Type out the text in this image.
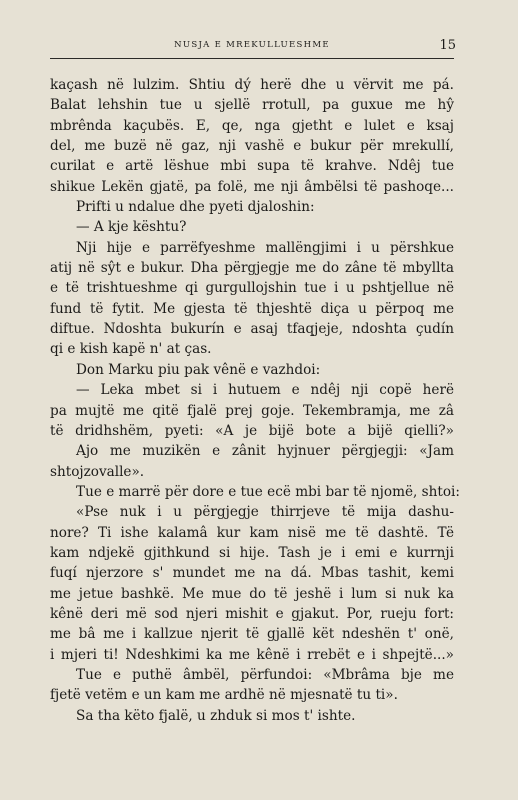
NUSJA E MREKULLUESHME	15
kaçash në lulzim. Shtiu dý herë dhe u vërvit me pá.
Balat lehshin tue u sjellë rrotull, pa guxue me hŷ
mbrênda kaçubës. E, qe, nga gjetht e lulet e ksaj
del, me buzë në gaz, nji vashë e bukur për mrekullí,
curilat e artë lëshue mbi supa të krahve. Ndêj tue
shikue Lekën gjatë, pa folë, me nji âmbëlsi të pashoqe...
Prifti u ndalue dhe pyeti djaloshin:
— A kje kështu?
Nji hije e parrëfyeshme mallëngjimi i u përshkue
atij në sŷt e bukur. Dha përgjegje me do zâne të mbyllta
e të trishtueshme qi gurgullojshin tue i u pshtjellue në
fund të fytit. Me gjesta të thjeshtë diça u përpoq me
diftue. Ndoshta bukurín e asaj tfaqjeje, ndoshta çudín
qi e kish kapë n' at ças.
Don Marku piu pak vênë e vazhdoi:
— Leka mbet si i hutuem e ndêj nji copë herë
pa mujtë me qitë fjalë prej goje. Tekembramja, me zâ
të dridhshëm, pyeti: «A je bijë bote a bijë qielli?»
Ajo me muzikën e zânit hyjnuer përgjegji: «Jam
shtojzovalle».
Tue e marrë për dore e tue ecë mbi bar të njomë, shtoi:
«Pse nuk i u përgjegje thirrjeve të mija dashu-
nore? Ti ishe kalamâ kur kam nisë me të dashtë. Të
kam ndjekë gjithkund si hije. Tash je i emi e kurrnji
fuqí njerzore s' mundet me na dá. Mbas tashit, kemi
me jetue bashkë. Me mue do të jeshë i lum si nuk ka
kênë deri më sod njeri mishit e gjakut. Por, rueju fort:
me bâ me i kallzue njerit të gjallë kët ndeshën t' onë,
i mjeri ti! Ndeshkimi ka me kênë i rrebët e i shpejtë...»
Tue e puthë âmbël, përfundoi: «Mbrâma bje me
fjetë vetëm e un kam me ardhë në mjesnatë tu ti».
Sa tha këto fjalë, u zhduk si mos t' ishte.
